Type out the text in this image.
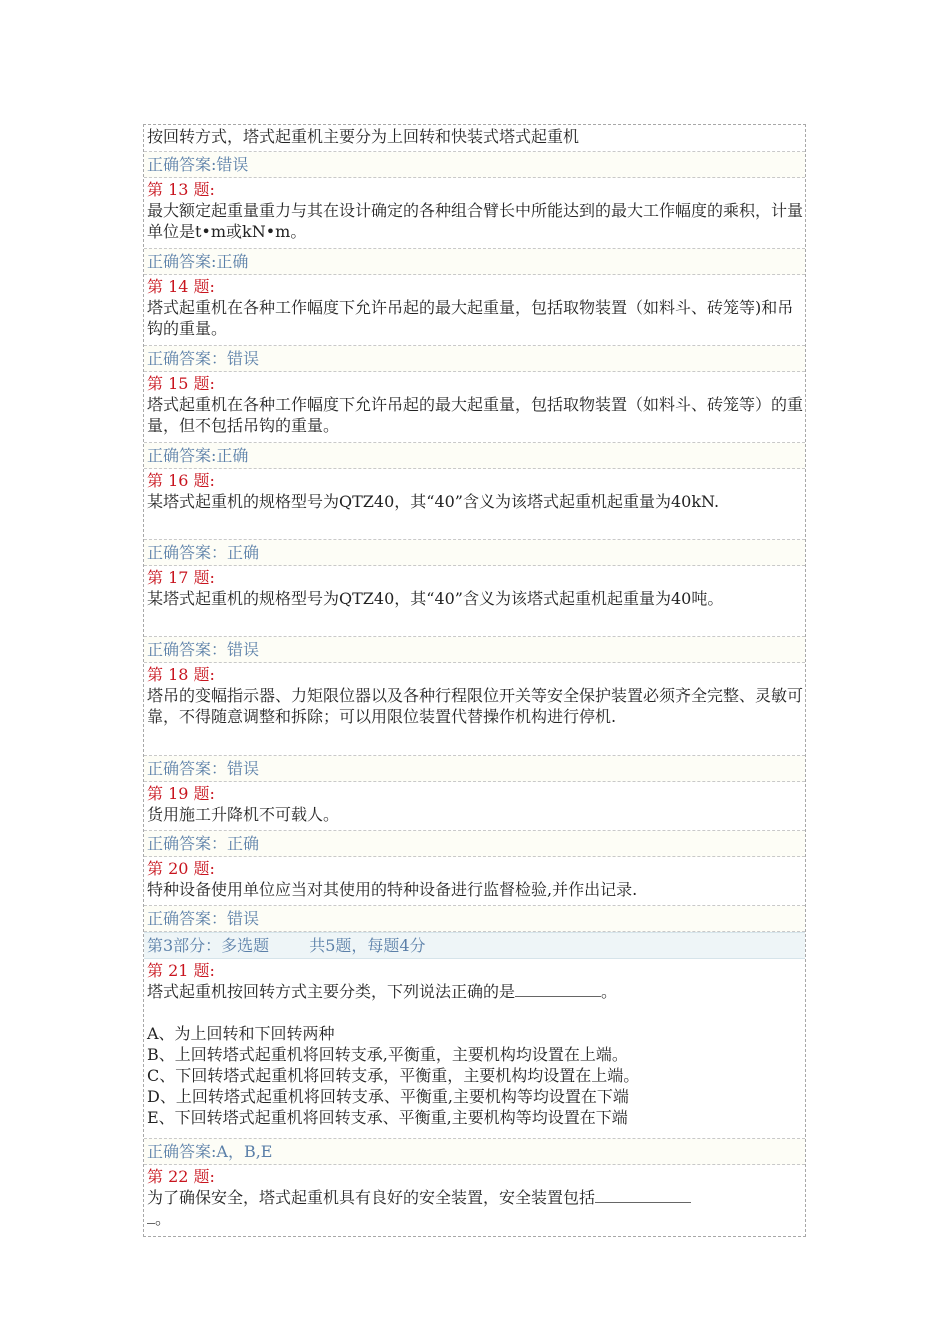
按回转方式，塔式起重机主要分为上回转和快装式塔式起重机
正确答案:错误
第 13 题:
最大额定起重量重力与其在设计确定的各种组合臂长中所能达到的最大工作幅度的乘积，计量单位是t•m或kN•m。
正确答案:正确
第 14 题:
塔式起重机在各种工作幅度下允许吊起的最大起重量，包括取物装置（如料斗、砖笼等)和吊钩的重量。
正确答案：错误
第 15 题:
塔式起重机在各种工作幅度下允许吊起的最大起重量，包括取物装置（如料斗、砖笼等）的重量，但不包括吊钩的重量。
正确答案:正确
第 16 题:
某塔式起重机的规格型号为QTZ40，其“40”含义为该塔式起重机起重量为40kN.
正确答案：正确
第 17 题:
某塔式起重机的规格型号为QTZ40，其“40”含义为该塔式起重机起重量为40吨。
正确答案：错误
第 18 题:
塔吊的变幅指示器、力矩限位器以及各种行程限位开关等安全保护装置必须齐全完整、灵敏可靠，不得随意调整和拆除；可以用限位装置代替操作机构进行停机.
正确答案：错误
第 19 题:
货用施工升降机不可载人。
正确答案：正确
第 20 题:
特种设备使用单位应当对其使用的特种设备进行监督检验,并作出记录.
正确答案：错误
第3部分：多选题	共5题，每题4分
第 21 题:
塔式起重机按回转方式主要分类，下列说法正确的是	。
A、为上回转和下回转两种
B、上回转塔式起重机将回转支承,平衡重，主要机构均设置在上端。
C、下回转塔式起重机将回转支承，平衡重，主要机构均设置在上端。
D、上回转塔式起重机将回转支承、平衡重,主要机构等均设置在下端
E、下回转塔式起重机将回转支承、平衡重,主要机构等均设置在下端
正确答案:A，B,E
第 22 题:
为了确保安全，塔式起重机具有良好的安全装置，安全装置包括
。
